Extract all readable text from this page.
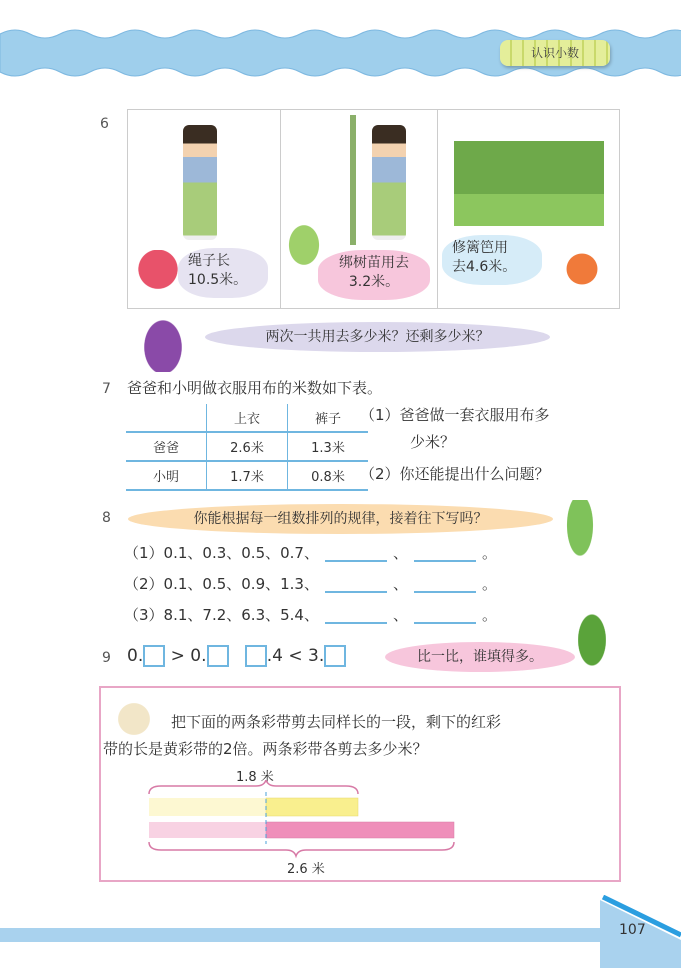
认识小数
6
绳子长
10.5米。
绑树苗用去
3.2米。
修篱笆用
去4.6米。
两次一共用去多少米？还剩多少米？
7 爸爸和小明做衣服用布的米数如下表。
	上衣	裤子
爸爸	2.6米	1.3米
小明	1.7米	0.8米
（1）爸爸做一套衣服用布多
少米？
（2）你还能提出什么问题？
8	你能根据每一组数排列的规律，接着往下写吗？
（1）0.1、0.3、0.5、0.7、	、	。
（2）0.1、0.5、0.9、1.3、	、	。
（3）8.1、7.2、6.3、5.4、	、	。
9 0. > 0.	.4 < 3.	比一比，谁填得多。
把下面的两条彩带剪去同样长的一段，剩下的红彩
带的长是黄彩带的2倍。两条彩带各剪去多少米？
1.8 米
2.6 米
107
